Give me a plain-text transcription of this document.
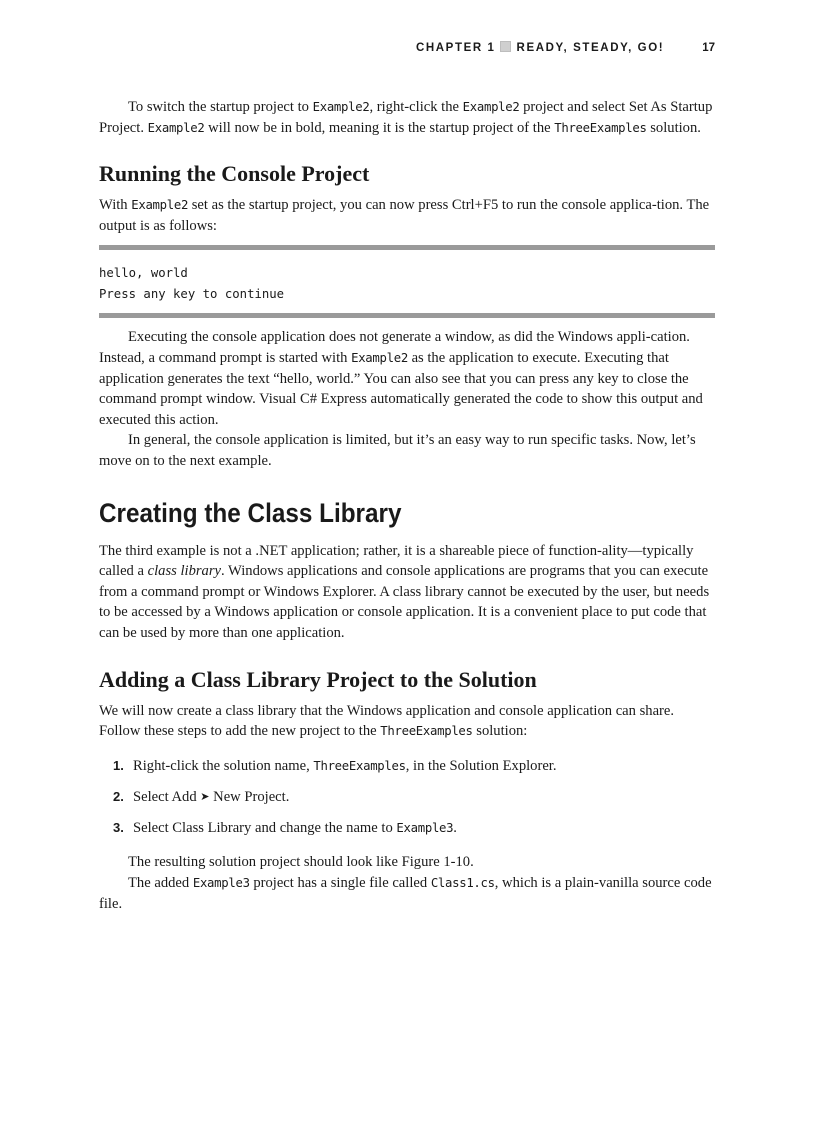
CHAPTER 1 READY, STEADY, GO!	17

To switch the startup project to Example2, right-click the Example2 project and select Set As Startup Project. Example2 will now be in bold, meaning it is the startup project of the ThreeExamples solution.

Running the Console Project

With Example2 set as the startup project, you can now press Ctrl+F5 to run the console applica-tion. The output is as follows:

hello, world
Press any key to continue

Executing the console application does not generate a window, as did the Windows appli-cation. Instead, a command prompt is started with Example2 as the application to execute. Executing that application generates the text “hello, world.” You can also see that you can press any key to close the command prompt window. Visual C# Express automatically generated the code to show this output and executed this action.

In general, the console application is limited, but it’s an easy way to run specific tasks. Now, let’s move on to the next example.

Creating the Class Library

The third example is not a .NET application; rather, it is a shareable piece of function-ality—typically called a class library. Windows applications and console applications are programs that you can execute from a command prompt or Windows Explorer. A class library cannot be executed by the user, but needs to be accessed by a Windows application or console application. It is a convenient place to put code that can be used by more than one application.

Adding a Class Library Project to the Solution

We will now create a class library that the Windows application and console application can share. Follow these steps to add the new project to the ThreeExamples solution:

1. Right-click the solution name, ThreeExamples, in the Solution Explorer.
2. Select Add ➤ New Project.
3. Select Class Library and change the name to Example3.

The resulting solution project should look like Figure 1-10.

The added Example3 project has a single file called Class1.cs, which is a plain-vanilla source code file.
